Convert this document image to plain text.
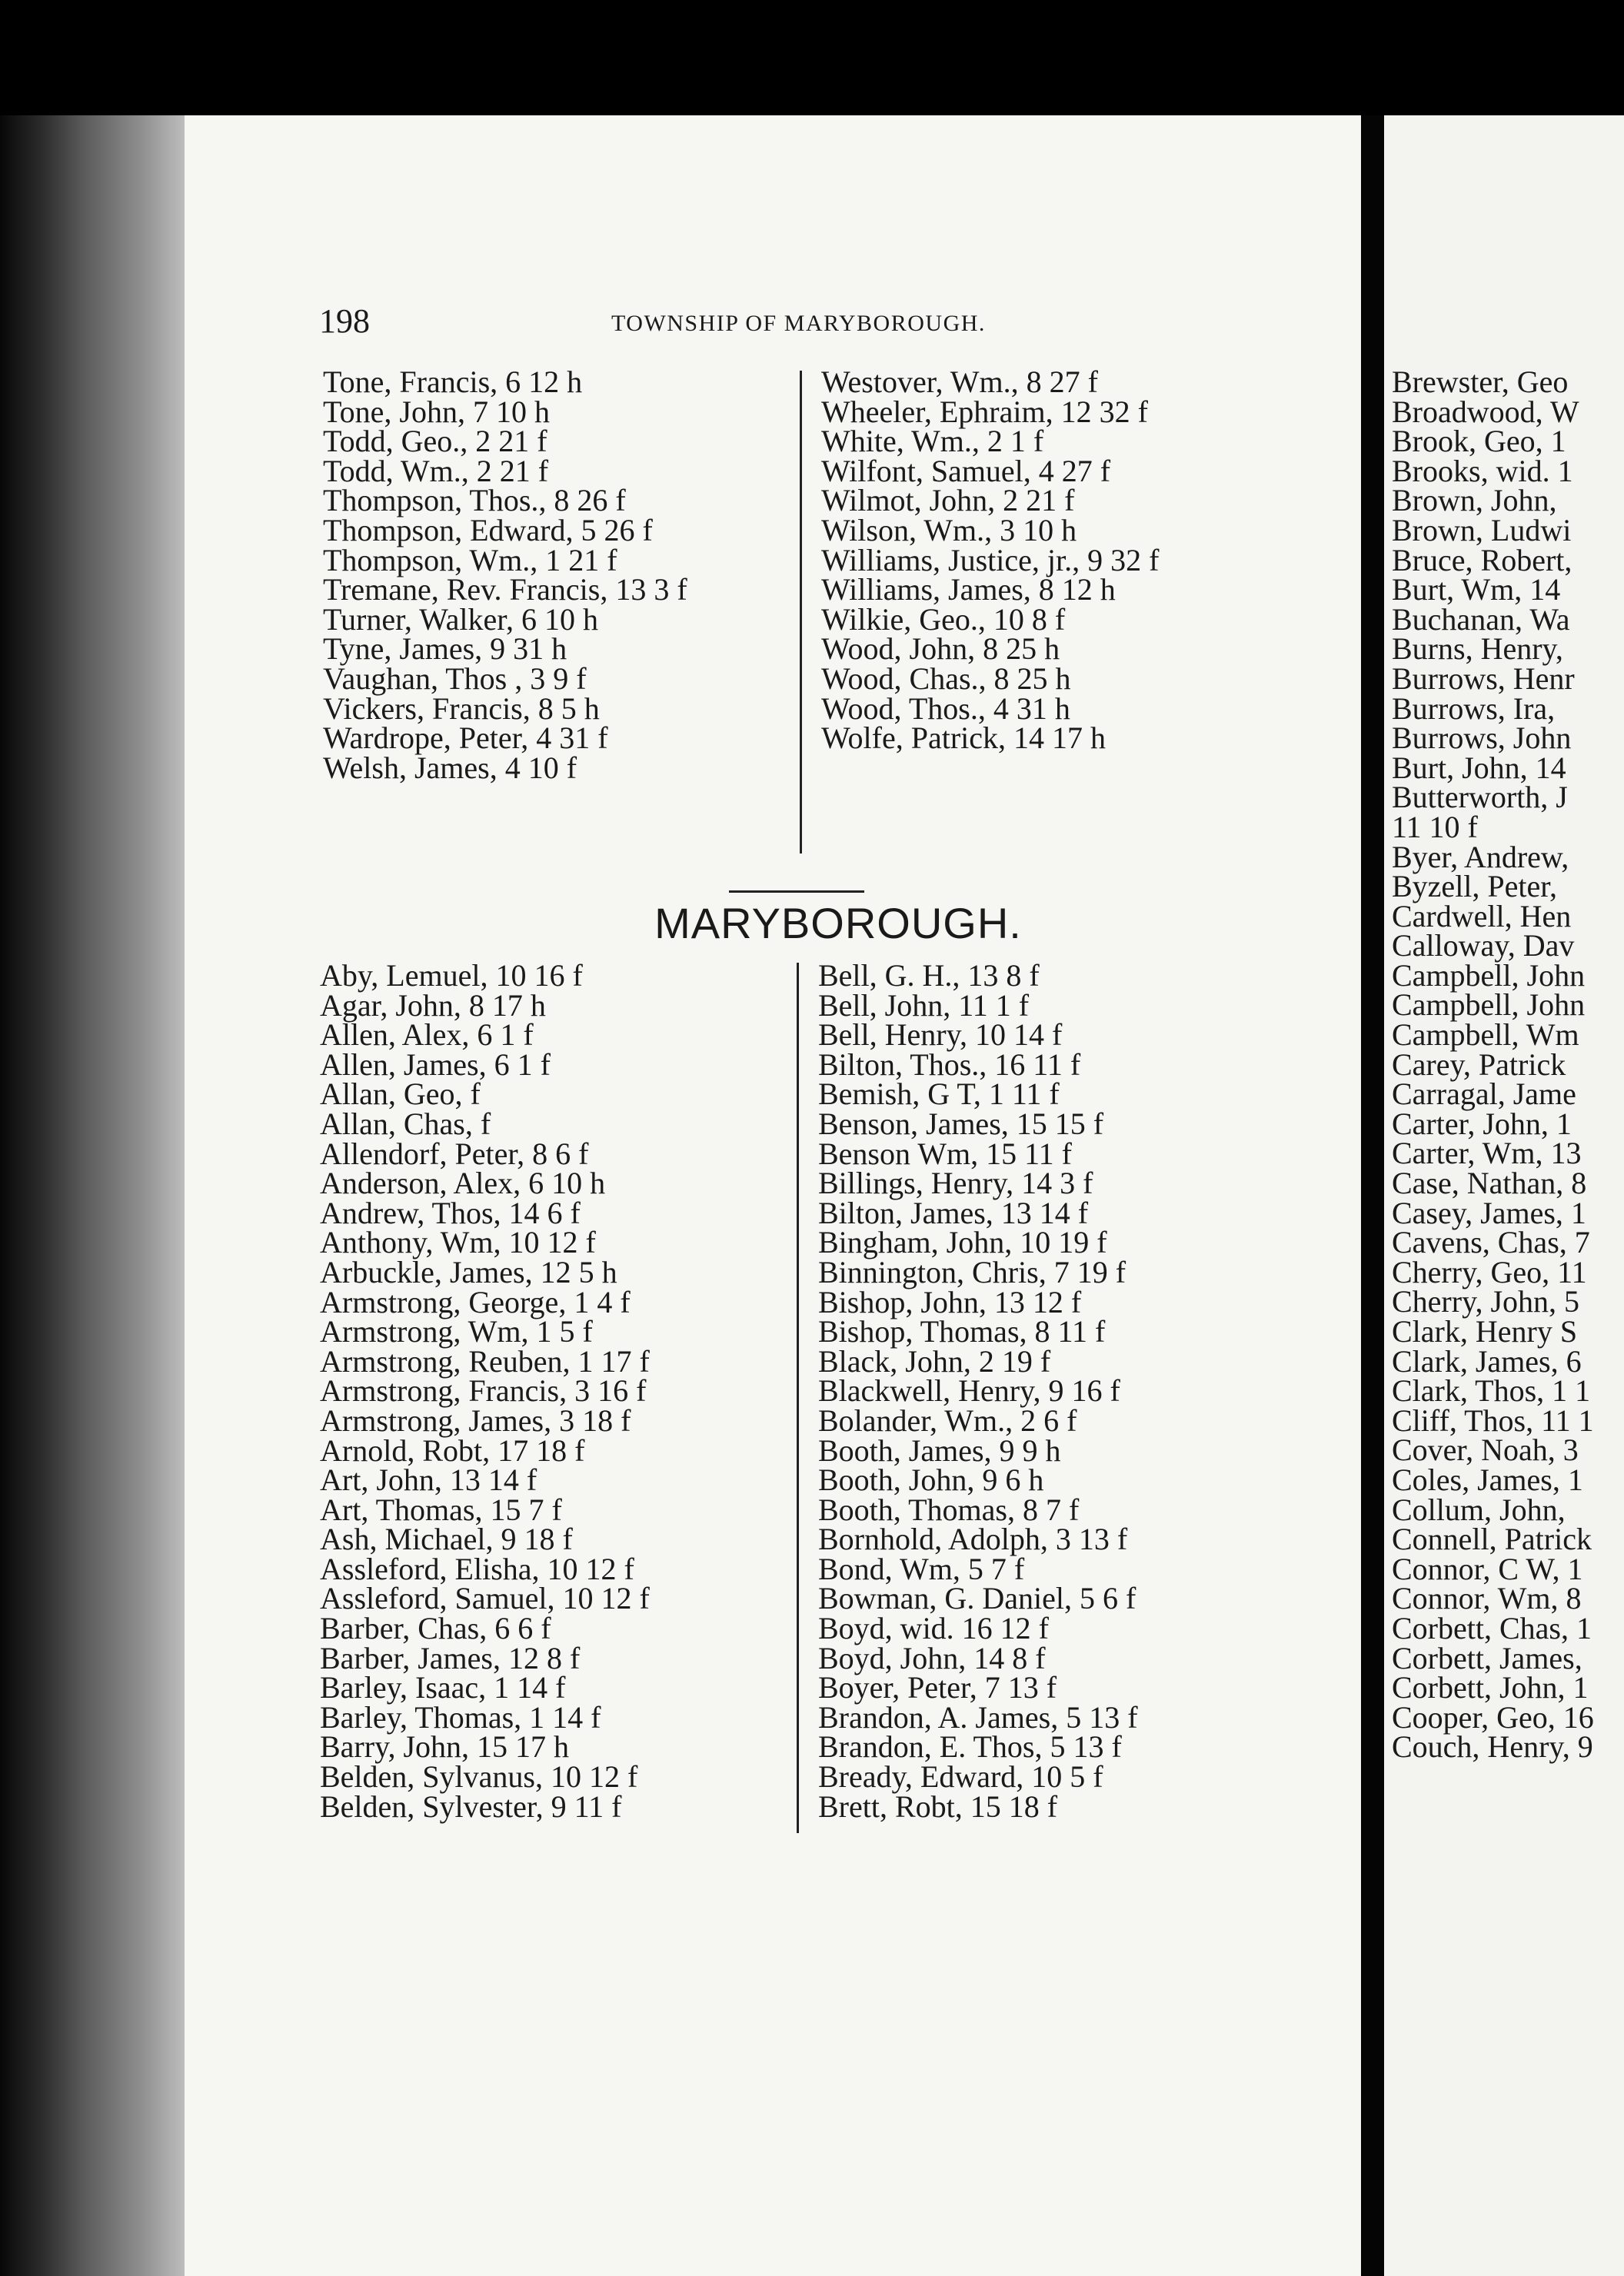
198	TOWNSHIP OF MARYBOROUGH.
Tone, Francis, 6 12 h
Tone, John, 7 10 h
Todd, Geo., 2 21 f
Todd, Wm., 2 21 f
Thompson, Thos., 8 26 f
Thompson, Edward, 5 26 f
Thompson, Wm., 1 21 f
Tremane, Rev. Francis, 13 3 f
Turner, Walker, 6 10 h
Tyne, James, 9 31 h
Vaughan, Thos , 3 9 f
Vickers, Francis, 8 5 h
Wardrope, Peter, 4 31 f
Welsh, James, 4 10 f
Westover, Wm., 8 27 f
Wheeler, Ephraim, 12 32 f
White, Wm., 2 1 f
Wilfont, Samuel, 4 27 f
Wilmot, John, 2 21 f
Wilson, Wm., 3 10 h
Williams, Justice, jr., 9 32 f
Williams, James, 8 12 h
Wilkie, Geo., 10 8 f
Wood, John, 8 25 h
Wood, Chas., 8 25 h
Wood, Thos., 4 31 h
Wolfe, Patrick, 14 17 h
MARYBOROUGH.
Aby, Lemuel, 10 16 f
Agar, John, 8 17 h
Allen, Alex, 6 1 f
Allen, James, 6 1 f
Allan, Geo, f
Allan, Chas, f
Allendorf, Peter, 8 6 f
Anderson, Alex, 6 10 h
Andrew, Thos, 14 6 f
Anthony, Wm, 10 12 f
Arbuckle, James, 12 5 h
Armstrong, George, 1 4 f
Armstrong, Wm, 1 5 f
Armstrong, Reuben, 1 17 f
Armstrong, Francis, 3 16 f
Armstrong, James, 3 18 f
Arnold, Robt, 17 18 f
Art, John, 13 14 f
Art, Thomas, 15 7 f
Ash, Michael, 9 18 f
Assleford, Elisha, 10 12 f
Assleford, Samuel, 10 12 f
Barber, Chas, 6 6 f
Barber, James, 12 8 f
Barley, Isaac, 1 14 f
Barley, Thomas, 1 14 f
Barry, John, 15 17 h
Belden, Sylvanus, 10 12 f
Belden, Sylvester, 9 11 f
Bell, G. H., 13 8 f
Bell, John, 11 1 f
Bell, Henry, 10 14 f
Bilton, Thos., 16 11 f
Bemish, G T, 1 11 f
Benson, James, 15 15 f
Benson Wm, 15 11 f
Billings, Henry, 14 3 f
Bilton, James, 13 14 f
Bingham, John, 10 19 f
Binnington, Chris, 7 19 f
Bishop, John, 13 12 f
Bishop, Thomas, 8 11 f
Black, John, 2 19 f
Blackwell, Henry, 9 16 f
Bolander, Wm., 2 6 f
Booth, James, 9 9 h
Booth, John, 9 6 h
Booth, Thomas, 8 7 f
Bornhold, Adolph, 3 13 f
Bond, Wm, 5 7 f
Bowman, G. Daniel, 5 6 f
Boyd, wid. 16 12 f
Boyd, John, 14 8 f
Boyer, Peter, 7 13 f
Brandon, A. James, 5 13 f
Brandon, E. Thos, 5 13 f
Bready, Edward, 10 5 f
Brett, Robt, 15 18 f
Brewster, Geo
Broadwood, W
Brook, Geo, 1
Brooks, wid. 1
Brown, John,
Brown, Ludwi
Bruce, Robert,
Burt, Wm, 14
Buchanan, Wa
Burns, Henry,
Burrows, Henr
Burrows, Ira,
Burrows, John
Burt, John, 14
Butterworth, J
11 10 f
Byer, Andrew,
Byzell, Peter,
Cardwell, Hen
Calloway, Dav
Campbell, John
Campbell, John
Campbell, Wm
Carey, Patrick
Carragal, Jame
Carter, John, 1
Carter, Wm, 13
Case, Nathan, 8
Casey, James, 1
Cavens, Chas, 7
Cherry, Geo, 11
Cherry, John, 5
Clark, Henry S
Clark, James, 6
Clark, Thos, 1 1
Cliff, Thos, 11 1
Cover, Noah, 3
Coles, James, 1
Collum, John,
Connell, Patrick
Connor, C W, 1
Connor, Wm, 8
Corbett, Chas, 1
Corbett, James,
Corbett, John, 1
Cooper, Geo, 16
Couch, Henry, 9
